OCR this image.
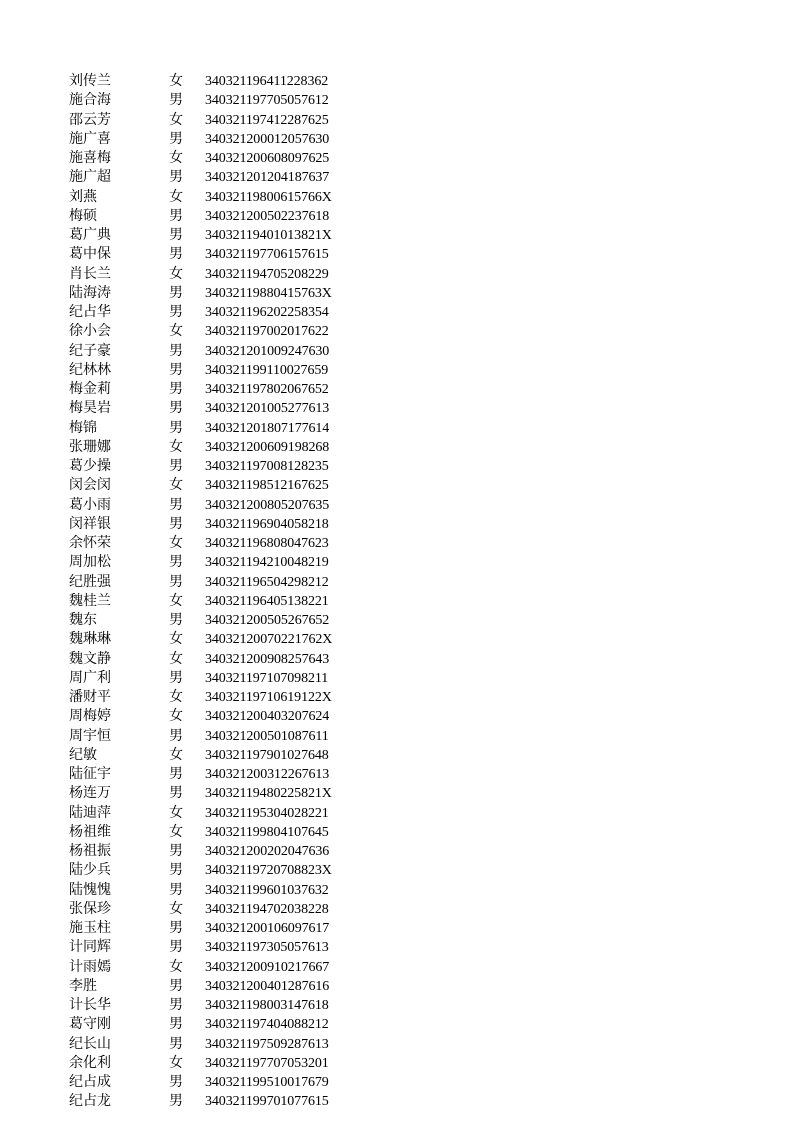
刘传兰	女 340321196411228362
施合海	男 340321197705057612
邵云芳	女 340321197412287625
施广喜	男 340321200012057630
施喜梅	女 340321200608097625
施广超	男 340321201204187637
刘燕	女 34032119800615766X
梅硕	男 340321200502237618
葛广典	男 34032119401013821X
葛中保	男 340321197706157615
肖长兰	女 340321194705208229
陆海涛	男 34032119880415763X
纪占华	男 340321196202258354
徐小会	女 340321197002017622
纪子豪	男 340321201009247630
纪林林	男 340321199110027659
梅金莉	男 340321197802067652
梅昊岩	男 340321201005277613
梅锦	男 340321201807177614
张珊娜	女 340321200609198268
葛少操	男 340321197008128235
闵会闵	女 340321198512167625
葛小雨	男 340321200805207635
闵祥银	男 340321196904058218
余怀荣	女 340321196808047623
周加松	男 340321194210048219
纪胜强	男 340321196504298212
魏桂兰	女 340321196405138221
魏东	男 340321200505267652
魏琳琳	女 34032120070221762X
魏文静	女 340321200908257643
周广利	男 340321197107098211
潘财平	女 34032119710619122X
周梅婷	女 340321200403207624
周宇恒	男 340321200501087611
纪敏	女 340321197901027648
陆征宇	男 340321200312267613
杨连万	男 34032119480225821X
陆迪萍	女 340321195304028221
杨祖维	女 340321199804107645
杨祖振	男 340321200202047636
陆少兵	男 34032119720708823X
陆愧愧	男 340321199601037632
张保珍	女 340321194702038228
施玉柱	男 340321200106097617
计同辉	男 340321197305057613
计雨嫣	女 340321200910217667
李胜	男 340321200401287616
计长华	男 340321198003147618
葛守刚	男 340321197404088212
纪长山	男 340321197509287613
余化利	女 340321197707053201
纪占成	男 340321199510017679
纪占龙	男 340321199701077615
